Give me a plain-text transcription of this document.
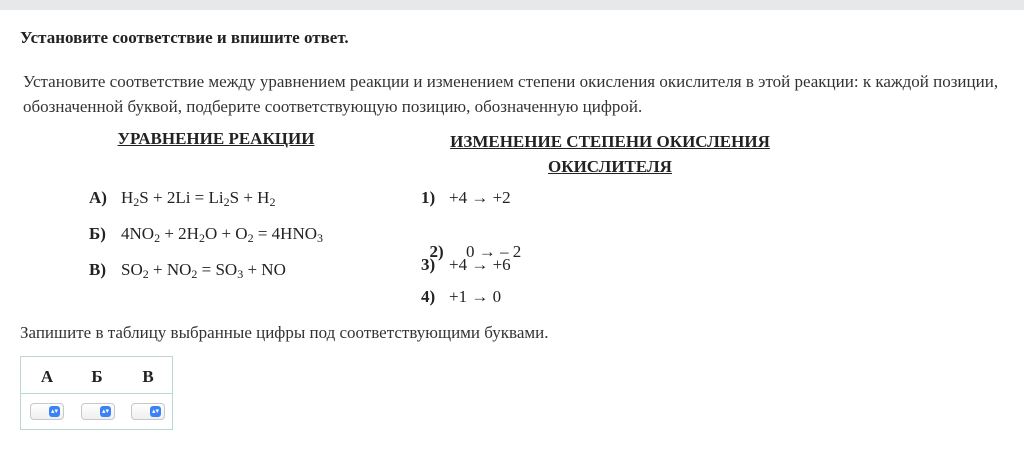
Установите соответствие и впишите ответ.
Установите соответствие между уравнением реакции и изменением степени окисления окислителя в этой реакции: к каждой позиции, обозначенной буквой, подберите соответствующую позицию, обозначенную цифрой.
УРАВНЕНИЕ РЕАКЦИИ	ИЗМЕНЕНИЕ СТЕПЕНИ ОКИСЛЕНИЯ
ОКИСЛИТЕЛЯ
А) $H_2S + 2Li = Li_2S + H_2$
Б) $4NO_2 + 2H_2O + O_2 = 4HNO_3$
В) $SO_2 + NO_2 = SO_3$ + NO
1) +4 → +2

2)  0 → – 2

3) +4 → +6
4) +1 → 0
Запишите в таблицу выбранные цифры под соответствующими буквами.
А	Б	В
▴▾	▴▾	▴▾
